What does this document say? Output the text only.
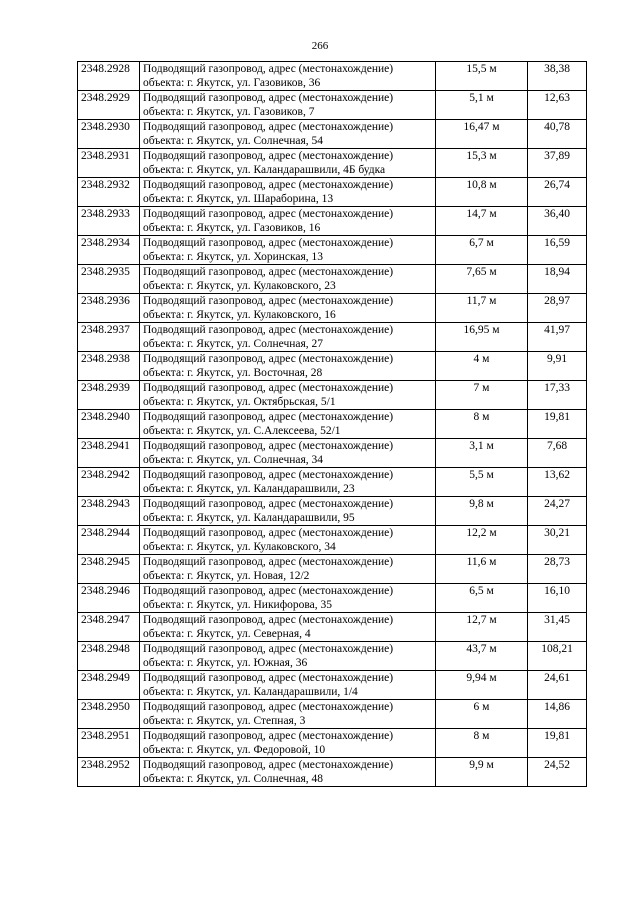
266
2348.2928	Подводящий газопровод, адрес (местонахождение)
объекта: г. Якутск, ул. Газовиков, 36	15,5 м	38,38
2348.2929	Подводящий газопровод, адрес (местонахождение)
объекта: г. Якутск, ул. Газовиков, 7	5,1 м	12,63
2348.2930	Подводящий газопровод, адрес (местонахождение)
объекта: г. Якутск, ул. Солнечная, 54	16,47 м	40,78
2348.2931	Подводящий газопровод, адрес (местонахождение)
объекта: г. Якутск, ул. Каландарашвили, 4Б будка	15,3 м	37,89
2348.2932	Подводящий газопровод, адрес (местонахождение)
объекта: г. Якутск, ул. Шараборина, 13	10,8 м	26,74
2348.2933	Подводящий газопровод, адрес (местонахождение)
объекта: г. Якутск, ул. Газовиков, 16	14,7 м	36,40
2348.2934	Подводящий газопровод, адрес (местонахождение)
объекта: г. Якутск, ул. Хоринская, 13	6,7 м	16,59
2348.2935	Подводящий газопровод, адрес (местонахождение)
объекта: г. Якутск, ул. Кулаковского, 23	7,65 м	18,94
2348.2936	Подводящий газопровод, адрес (местонахождение)
объекта: г. Якутск, ул. Кулаковского, 16	11,7 м	28,97
2348.2937	Подводящий газопровод, адрес (местонахождение)
объекта: г. Якутск, ул. Солнечная, 27	16,95 м	41,97
2348.2938	Подводящий газопровод, адрес (местонахождение)
объекта: г. Якутск, ул. Восточная, 28	4 м	9,91
2348.2939	Подводящий газопровод, адрес (местонахождение)
объекта: г. Якутск, ул. Октябрьская, 5/1	7 м	17,33
2348.2940	Подводящий газопровод, адрес (местонахождение)
объекта: г. Якутск, ул. С.Алексеева, 52/1	8 м	19,81
2348.2941	Подводящий газопровод, адрес (местонахождение)
объекта: г. Якутск, ул. Солнечная, 34	3,1 м	7,68
2348.2942	Подводящий газопровод, адрес (местонахождение)
объекта: г. Якутск, ул. Каландарашвили, 23	5,5 м	13,62
2348.2943	Подводящий газопровод, адрес (местонахождение)
объекта: г. Якутск, ул. Каландарашвили, 95	9,8 м	24,27
2348.2944	Подводящий газопровод, адрес (местонахождение)
объекта: г. Якутск, ул. Кулаковского, 34	12,2 м	30,21
2348.2945	Подводящий газопровод, адрес (местонахождение)
объекта: г. Якутск, ул. Новая, 12/2	11,6 м	28,73
2348.2946	Подводящий газопровод, адрес (местонахождение)
объекта: г. Якутск, ул. Никифорова, 35	6,5 м	16,10
2348.2947	Подводящий газопровод, адрес (местонахождение)
объекта: г. Якутск, ул. Северная, 4	12,7 м	31,45
2348.2948	Подводящий газопровод, адрес (местонахождение)
объекта: г. Якутск, ул. Южная, 36	43,7 м	108,21
2348.2949	Подводящий газопровод, адрес (местонахождение)
объекта: г. Якутск, ул. Каландарашвили, 1/4	9,94 м	24,61
2348.2950	Подводящий газопровод, адрес (местонахождение)
объекта: г. Якутск, ул. Степная, 3	6 м	14,86
2348.2951	Подводящий газопровод, адрес (местонахождение)
объекта: г. Якутск, ул. Федоровой, 10	8 м	19,81
2348.2952	Подводящий газопровод, адрес (местонахождение)
объекта: г. Якутск, ул. Солнечная, 48	9,9 м	24,52
